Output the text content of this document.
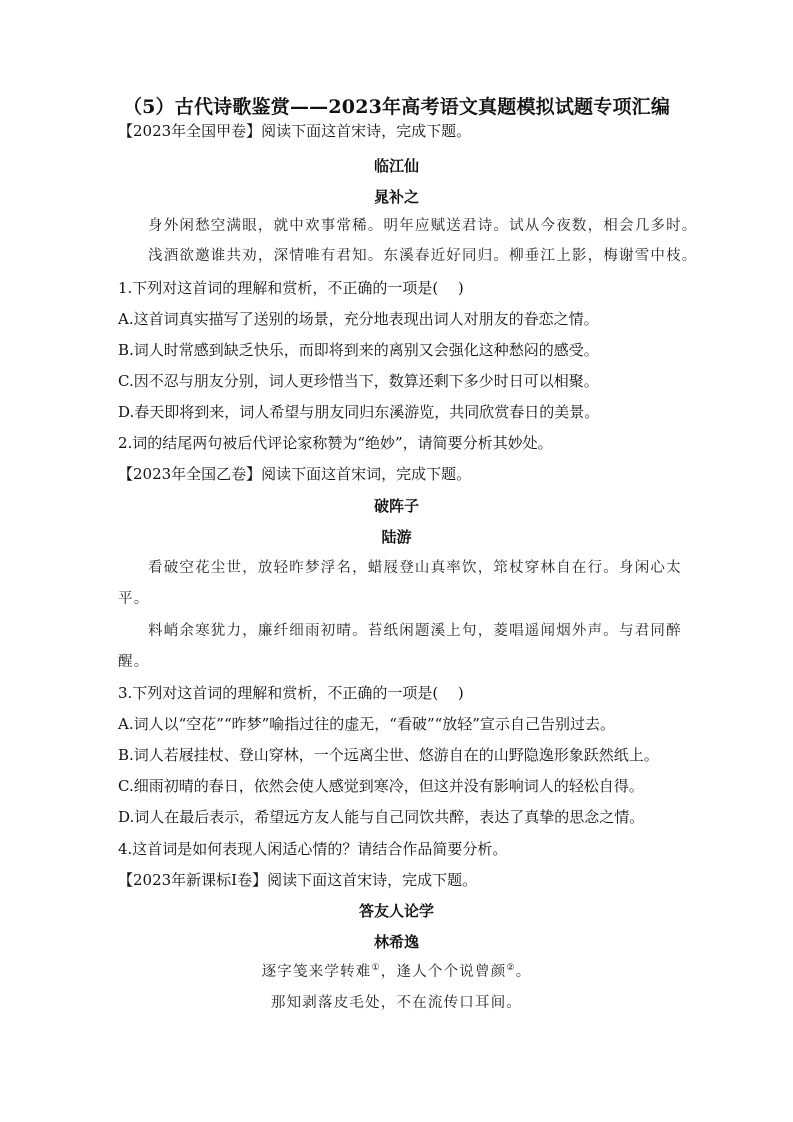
（5）古代诗歌鉴赏——2023年高考语文真题模拟试题专项汇编
【2023年全国甲卷】阅读下面这首宋诗，完成下题。
临江仙
晁补之
身外闲愁空满眼，就中欢事常稀。明年应赋送君诗。试从今夜数，相会几多时。
浅酒欲邀谁共劝，深情唯有君知。东溪春近好同归。柳垂江上影，梅谢雪中枝。
1.下列对这首词的理解和赏析，不正确的一项是(　 )
A.这首词真实描写了送别的场景，充分地表现出词人对朋友的眷恋之情。
B.词人时常感到缺乏快乐，而即将到来的离别又会强化这种愁闷的感受。
C.因不忍与朋友分别，词人更珍惜当下，数算还剩下多少时日可以相聚。
D.春天即将到来，词人希望与朋友同归东溪游览，共同欣赏春日的美景。
2.词的结尾两句被后代评论家称赞为“绝妙”，请简要分析其妙处。
【2023年全国乙卷】阅读下面这首宋词，完成下题。
破阵子
陆游
看破空花尘世，放轻昨梦浮名，蜡屐登山真率饮，筇杖穿林自在行。身闲心太
平。
料峭余寒犹力，廉纤细雨初晴。苔纸闲题溪上句，菱唱遥闻烟外声。与君同醉
醒。
3.下列对这首词的理解和赏析，不正确的一项是(　 )
A.词人以“空花”“昨梦”喻指过往的虚无，“看破”“放轻”宣示自己告别过去。
B.词人若屐挂杖、登山穿林，一个远离尘世、悠游自在的山野隐逸形象跃然纸上。
C.细雨初晴的春日，依然会使人感觉到寒冷，但这并没有影响词人的轻松自得。
D.词人在最后表示，希望远方友人能与自己同饮共醉，表达了真挚的思念之情。
4.这首词是如何表现人闲适心情的？请结合作品简要分析。
【2023年新课标Ⅰ卷】阅读下面这首宋诗，完成下题。
答友人论学
林希逸
逐字笺来学转难①，逢人个个说曾颜②。
那知剥落皮毛处，不在流传口耳间。
